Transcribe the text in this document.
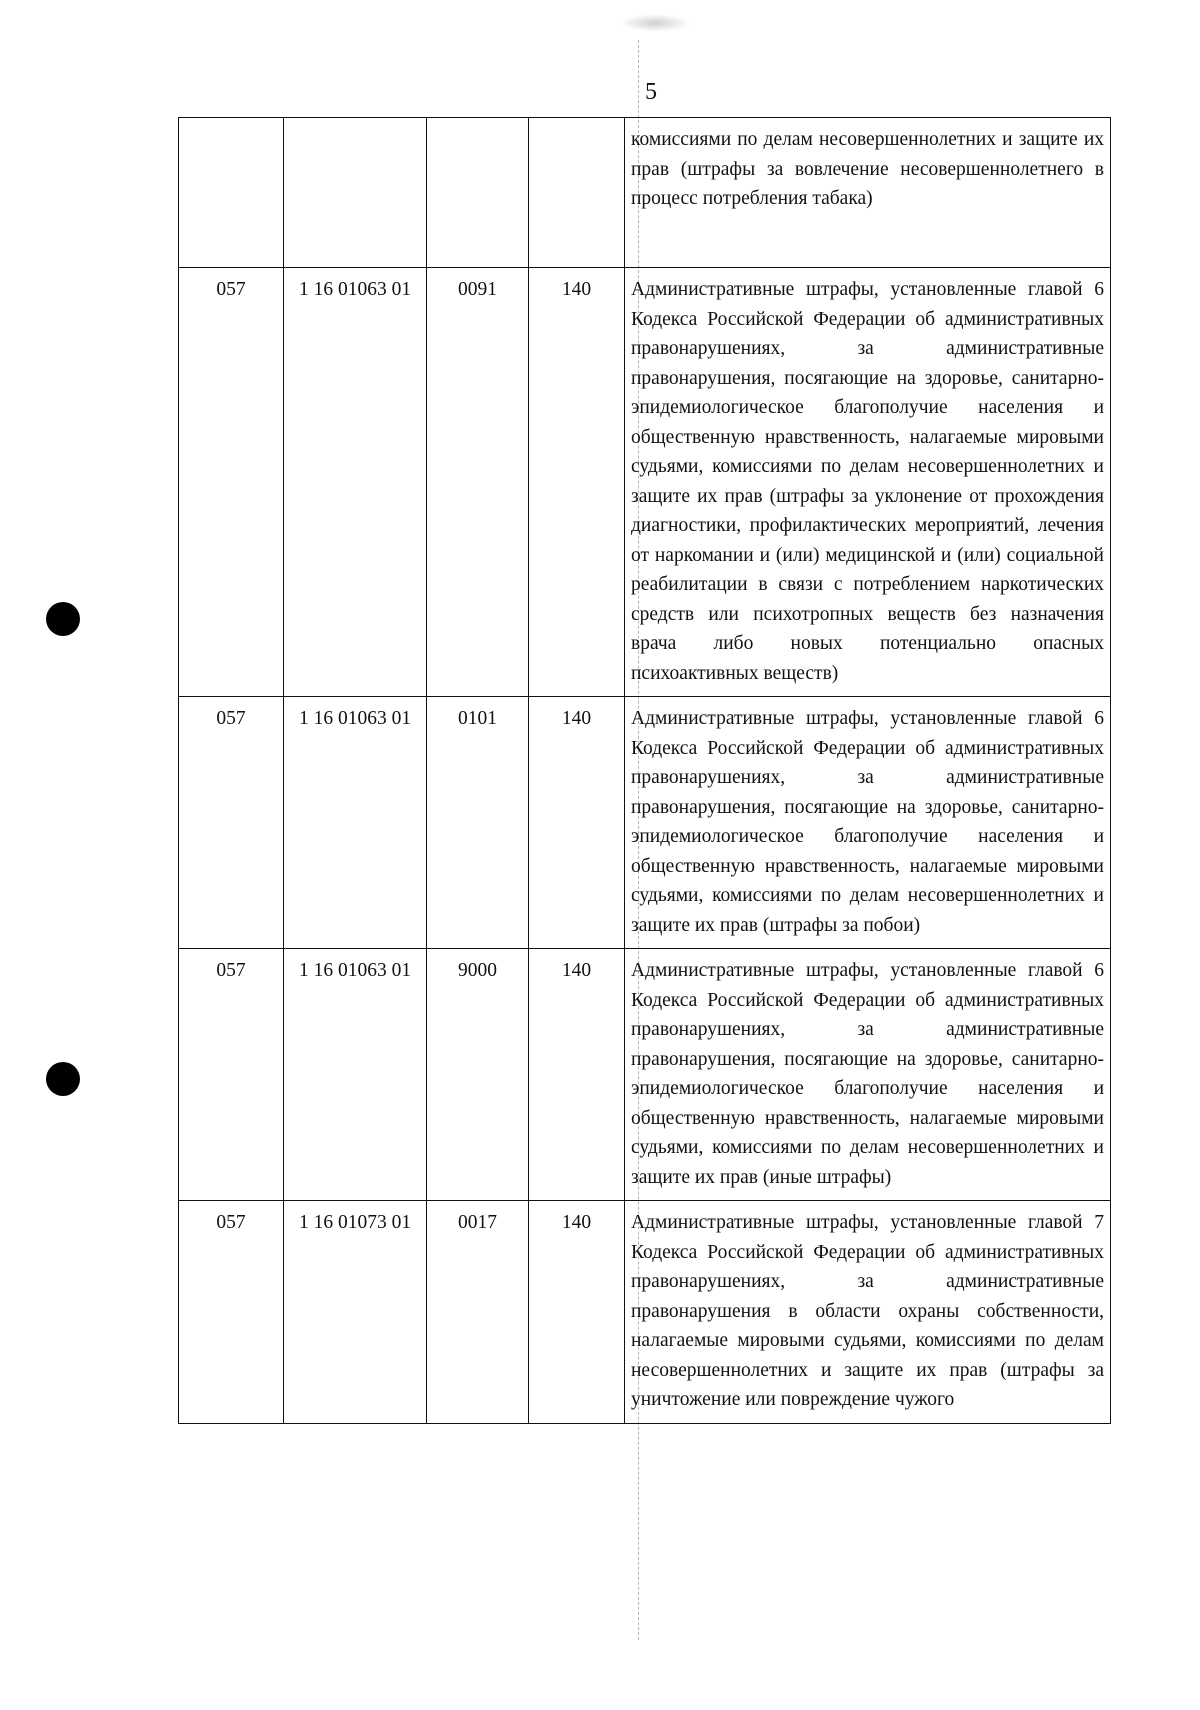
5
				комиссиями по делам несовершеннолетних и защите их прав (штрафы за вовлечение несовершеннолетнего в процесс потребления табака)
057	1 16 01063 01	0091	140	Административные штрафы, установленные главой 6 Кодекса Российской Федерации об административных правонарушениях, за административные правонарушения, посягающие на здоровье, санитарно-эпидемиологическое благополучие населения и общественную нравственность, налагаемые мировыми судьями, комиссиями по делам несовершеннолетних и защите их прав (штрафы за уклонение от прохождения диагностики, профилактических мероприятий, лечения от наркомании и (или) медицинской и (или) социальной реабилитации в связи с потреблением наркотических средств или психотропных веществ без назначения врача либо новых потенциально опасных психоактивных веществ)
057	1 16 01063 01	0101	140	Административные штрафы, установленные главой 6 Кодекса Российской Федерации об административных правонарушениях, за административные правонарушения, посягающие на здоровье, санитарно-эпидемиологическое благополучие населения и общественную нравственность, налагаемые мировыми судьями, комиссиями по делам несовершеннолетних и защите их прав (штрафы за побои)
057	1 16 01063 01	9000	140	Административные штрафы, установленные главой 6 Кодекса Российской Федерации об административных правонарушениях, за административные правонарушения, посягающие на здоровье, санитарно-эпидемиологическое благополучие населения и общественную нравственность, налагаемые мировыми судьями, комиссиями по делам несовершеннолетних и защите их прав (иные штрафы)
057	1 16 01073 01	0017	140	Административные штрафы, установленные главой 7 Кодекса Российской Федерации об административных правонарушениях, за административные правонарушения в области охраны собственности, налагаемые мировыми судьями, комиссиями по делам несовершеннолетних и защите их прав (штрафы за уничтожение или повреждение чужого
